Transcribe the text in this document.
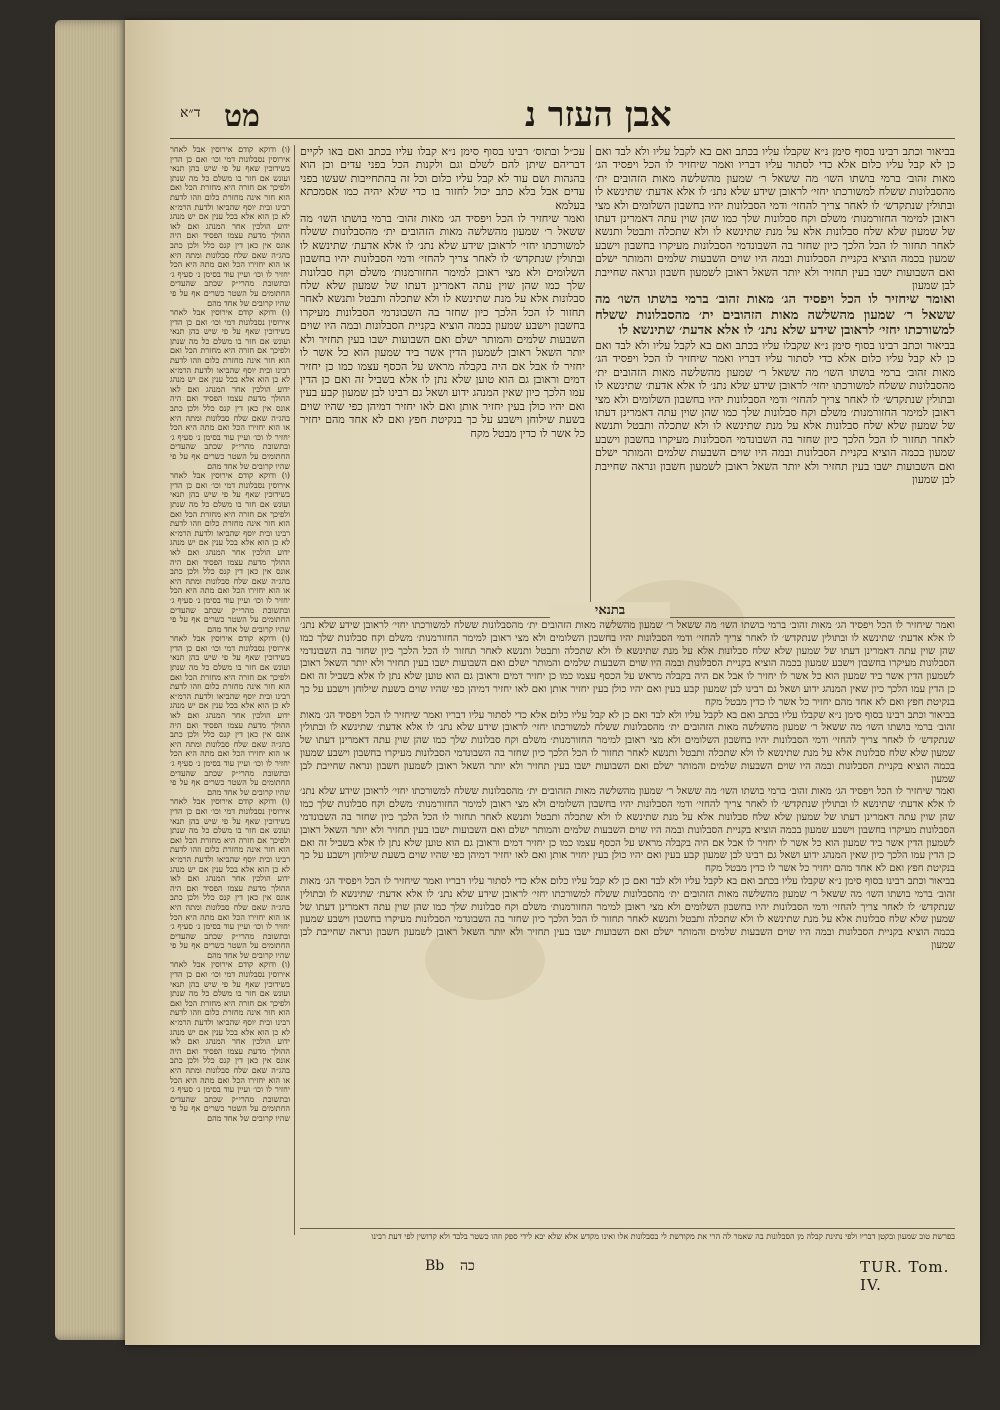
ד״א מט	אבן העזר נ
(ו) ודוקא קודם אירוסין אבל לאחר אירוסין נסבלונות דמי וכו׳ ואם כן הדין בשידוכין שאף על פי שיש בהן תנאי ועונש אם חזר בו משלם כל מה שנתן ולפיכך אם חזרה היא מחזרת הכל ואם הוא חזר אינה מחזרת כלום וזהו לדעת רבינו ובית יוסף שהביאו ולדעת הרמ״א לא כן הוא אלא בכל ענין אם יש מנהג ידוע הולכין אחר המנהג ואם לאו ההולך מדעת עצמו הפסיד ואם היה אונס אין כאן דין קנס כלל ולכן כתב בהג״ה שאם שלח סבלונות ומתה היא או הוא יחזירו הכל ואם מתה היא הכל יחזיר לו וכו׳ ועיין עוד בסימן נ׳ סעיף ג׳ ובתשובת מהרי״ק שכתב שהעדים החתומים על השטר כשרים אף על פי שהיו קרובים של אחד מהם
(ו) ודוקא קודם אירוסין אבל לאחר אירוסין נסבלונות דמי וכו׳ ואם כן הדין בשידוכין שאף על פי שיש בהן תנאי ועונש אם חזר בו משלם כל מה שנתן ולפיכך אם חזרה היא מחזרת הכל ואם הוא חזר אינה מחזרת כלום וזהו לדעת רבינו ובית יוסף שהביאו ולדעת הרמ״א לא כן הוא אלא בכל ענין אם יש מנהג ידוע הולכין אחר המנהג ואם לאו ההולך מדעת עצמו הפסיד ואם היה אונס אין כאן דין קנס כלל ולכן כתב בהג״ה שאם שלח סבלונות ומתה היא או הוא יחזירו הכל ואם מתה היא הכל יחזיר לו וכו׳ ועיין עוד בסימן נ׳ סעיף ג׳ ובתשובת מהרי״ק שכתב שהעדים החתומים על השטר כשרים אף על פי שהיו קרובים של אחד מהם
(ו) ודוקא קודם אירוסין אבל לאחר אירוסין נסבלונות דמי וכו׳ ואם כן הדין בשידוכין שאף על פי שיש בהן תנאי ועונש אם חזר בו משלם כל מה שנתן ולפיכך אם חזרה היא מחזרת הכל ואם הוא חזר אינה מחזרת כלום וזהו לדעת רבינו ובית יוסף שהביאו ולדעת הרמ״א לא כן הוא אלא בכל ענין אם יש מנהג ידוע הולכין אחר המנהג ואם לאו ההולך מדעת עצמו הפסיד ואם היה אונס אין כאן דין קנס כלל ולכן כתב בהג״ה שאם שלח סבלונות ומתה היא או הוא יחזירו הכל ואם מתה היא הכל יחזיר לו וכו׳ ועיין עוד בסימן נ׳ סעיף ג׳ ובתשובת מהרי״ק שכתב שהעדים החתומים על השטר כשרים אף על פי שהיו קרובים של אחד מהם
(ו) ודוקא קודם אירוסין אבל לאחר אירוסין נסבלונות דמי וכו׳ ואם כן הדין בשידוכין שאף על פי שיש בהן תנאי ועונש אם חזר בו משלם כל מה שנתן ולפיכך אם חזרה היא מחזרת הכל ואם הוא חזר אינה מחזרת כלום וזהו לדעת רבינו ובית יוסף שהביאו ולדעת הרמ״א לא כן הוא אלא בכל ענין אם יש מנהג ידוע הולכין אחר המנהג ואם לאו ההולך מדעת עצמו הפסיד ואם היה אונס אין כאן דין קנס כלל ולכן כתב בהג״ה שאם שלח סבלונות ומתה היא או הוא יחזירו הכל ואם מתה היא הכל יחזיר לו וכו׳ ועיין עוד בסימן נ׳ סעיף ג׳ ובתשובת מהרי״ק שכתב שהעדים החתומים על השטר כשרים אף על פי שהיו קרובים של אחד מהם
(ו) ודוקא קודם אירוסין אבל לאחר אירוסין נסבלונות דמי וכו׳ ואם כן הדין בשידוכין שאף על פי שיש בהן תנאי ועונש אם חזר בו משלם כל מה שנתן ולפיכך אם חזרה היא מחזרת הכל ואם הוא חזר אינה מחזרת כלום וזהו לדעת רבינו ובית יוסף שהביאו ולדעת הרמ״א לא כן הוא אלא בכל ענין אם יש מנהג ידוע הולכין אחר המנהג ואם לאו ההולך מדעת עצמו הפסיד ואם היה אונס אין כאן דין קנס כלל ולכן כתב בהג״ה שאם שלח סבלונות ומתה היא או הוא יחזירו הכל ואם מתה היא הכל יחזיר לו וכו׳ ועיין עוד בסימן נ׳ סעיף ג׳ ובתשובת מהרי״ק שכתב שהעדים החתומים על השטר כשרים אף על פי שהיו קרובים של אחד מהם
(ו) ודוקא קודם אירוסין אבל לאחר אירוסין נסבלונות דמי וכו׳ ואם כן הדין בשידוכין שאף על פי שיש בהן תנאי ועונש אם חזר בו משלם כל מה שנתן ולפיכך אם חזרה היא מחזרת הכל ואם הוא חזר אינה מחזרת כלום וזהו לדעת רבינו ובית יוסף שהביאו ולדעת הרמ״א לא כן הוא אלא בכל ענין אם יש מנהג ידוע הולכין אחר המנהג ואם לאו ההולך מדעת עצמו הפסיד ואם היה אונס אין כאן דין קנס כלל ולכן כתב בהג״ה שאם שלח סבלונות ומתה היא או הוא יחזירו הכל ואם מתה היא הכל יחזיר לו וכו׳ ועיין עוד בסימן נ׳ סעיף ג׳ ובתשובת מהרי״ק שכתב שהעדים החתומים על השטר כשרים אף על פי שהיו קרובים של אחד מהם
עכ״ל ובתוס׳ רבינו בסוף סימן נ״א קבלו עליו בכתב ואם באו לקיים דבריהם שיתן להם לשלם וגם ולקנות הכל בפני עדים וכן הוא בהגהות ושם עוד לא קבל עליו כלום וכל זה בהתחייבות שעשו בפני עדים אבל בלא כתב יכול לחזור בו כדי שלא יהיה כמו אסמכתא בעלמא
ואמר שיחזיר לו הכל ויפסיד הג׳ מאות זהוב׳ ברמי בושתו השו׳ מה ששאל ר׳ שמעון מהשלשה מאות הזהובים ית׳ מהסבלונות ששלח למשורכתו יחזי׳ לראובן שידע שלא נתנ׳ לו אלא אדעת׳ שתינשא לו ובתולין שנתקדש׳ לו לאחר צריך להחזי׳ ודמי הסבלונות יהיו בחשבון השלומים ולא מצי ראובן למימר החזורמנות׳ משלם וקח סבלונות שלך כמו שהן שוין עתה דאמרינן דעתו של שמעון שלא שלח סבלונות אלא על מנת שתינשא לו ולא שתכלה ותבטל ותנשא לאחר תחזור לו הכל הלכך כיון שחזר בה השבונדמי הסבלונות מעיקרו בחשבון וישבע שמעון בכמה הוציא בקניית הסבלונות ובמה היו שוים השבעות שלמים והמותר ישלם ואם השבועות ישבו בעין תחזיר ולא יותר השאל ראובן לשמעון הדין אשר ביד שמעון הוא כל אשר לו יחזיר לו אבל אם היה בקבלה מראש על הכסף עצמו כמו כן יחזיר דמים וראובן גם הוא טוען שלא נתן לו אלא בשביל זה ואם כן הדין עמו הלכך כיון שאין המנהג ידוע ושאל גם רבינו לבן שמעון קבע בעין ואם יהיו כולן בעין יחזיר אותן ואם לאו יחזיר דמיהן כפי שהיו שוים בשעת שילוחן וישבע על כך בנקיטת חפץ ואם לא אחד מהם יחזיר כל אשר לו כדין מבטל מקח
בביאור וכתב רבינו בסוף סימן נ״א שקבלו עליו בכתב ואם בא לקבל עליו ולא לבד ואם כן לא קבל עליו כלום אלא כדי לסתור עליו דבריו ואמר שיחזיר לו הכל ויפסיד הג׳ מאות זהוב׳ ברמי בושתו השו׳ מה ששאל ר׳ שמעון מהשלשה מאות הזהובים ית׳ מהסבלונות ששלח למשורכתו יחזי׳ לראובן שידע שלא נתנ׳ לו אלא אדעת׳ שתינשא לו ובתולין שנתקדש׳ לו לאחר צריך להחזי׳ ודמי הסבלונות יהיו בחשבון השלומים ולא מצי ראובן למימר החזורמנות׳ משלם וקח סבלונות שלך כמו שהן שוין עתה דאמרינן דעתו של שמעון שלא שלח סבלונות אלא על מנת שתינשא לו ולא שתכלה ותבטל ותנשא לאחר תחזור לו הכל הלכך כיון שחזר בה השבונדמי הסבלונות מעיקרו בחשבון וישבע שמעון בכמה הוציא בקניית הסבלונות ובמה היו שוים השבעות שלמים והמותר ישלם ואם השבועות ישבו בעין תחזיר ולא יותר השאל ראובן לשמעון חשבון ונראה שחייבת לבן שמעון
ואומר שיחזיר לו הכל ויפסיד הג׳ מאות זהוב׳ ברמי בושתו השו׳ מה ששאל ר׳ שמעון מהשלשה מאות הזהובים ית׳ מהסבלונות ששלח למשורכתו יחזי׳ לראובן שידע שלא נתנ׳ לו אלא אדעת׳ שתינשא לו
בביאור וכתב רבינו בסוף סימן נ״א שקבלו עליו בכתב ואם בא לקבל עליו ולא לבד ואם כן לא קבל עליו כלום אלא כדי לסתור עליו דבריו ואמר שיחזיר לו הכל ויפסיד הג׳ מאות זהוב׳ ברמי בושתו השו׳ מה ששאל ר׳ שמעון מהשלשה מאות הזהובים ית׳ מהסבלונות ששלח למשורכתו יחזי׳ לראובן שידע שלא נתנ׳ לו אלא אדעת׳ שתינשא לו ובתולין שנתקדש׳ לו לאחר צריך להחזי׳ ודמי הסבלונות יהיו בחשבון השלומים ולא מצי ראובן למימר החזורמנות׳ משלם וקח סבלונות שלך כמו שהן שוין עתה דאמרינן דעתו של שמעון שלא שלח סבלונות אלא על מנת שתינשא לו ולא שתכלה ותבטל ותנשא לאחר תחזור לו הכל הלכך כיון שחזר בה השבונדמי הסבלונות מעיקרו בחשבון וישבע שמעון בכמה הוציא בקניית הסבלונות ובמה היו שוים השבעות שלמים והמותר ישלם ואם השבועות ישבו בעין תחזיר ולא יותר השאל ראובן לשמעון חשבון ונראה שחייבת לבן שמעון
בתנאי
ואמר שיחזיר לו הכל ויפסיד הג׳ מאות זהוב׳ ברמי בושתו השו׳ מה ששאל ר׳ שמעון מהשלשה מאות הזהובים ית׳ מהסבלונות ששלח למשורכתו יחזי׳ לראובן שידע שלא נתנ׳ לו אלא אדעת׳ שתינשא לו ובתולין שנתקדש׳ לו לאחר צריך להחזי׳ ודמי הסבלונות יהיו בחשבון השלומים ולא מצי ראובן למימר החזורמנות׳ משלם וקח סבלונות שלך כמו שהן שוין עתה דאמרינן דעתו של שמעון שלא שלח סבלונות אלא על מנת שתינשא לו ולא שתכלה ותבטל ותנשא לאחר תחזור לו הכל הלכך כיון שחזר בה השבונדמי הסבלונות מעיקרו בחשבון וישבע שמעון בכמה הוציא בקניית הסבלונות ובמה היו שוים השבעות שלמים והמותר ישלם ואם השבועות ישבו בעין תחזיר ולא יותר השאל ראובן לשמעון הדין אשר ביד שמעון הוא כל אשר לו יחזיר לו אבל אם היה בקבלה מראש על הכסף עצמו כמו כן יחזיר דמים וראובן גם הוא טוען שלא נתן לו אלא בשביל זה ואם כן הדין עמו הלכך כיון שאין המנהג ידוע ושאל גם רבינו לבן שמעון קבע בעין ואם יהיו כולן בעין יחזיר אותן ואם לאו יחזיר דמיהן כפי שהיו שוים בשעת שילוחן וישבע על כך בנקיטת חפץ ואם לא אחד מהם יחזיר כל אשר לו כדין מבטל מקח
בביאור וכתב רבינו בסוף סימן נ״א שקבלו עליו בכתב ואם בא לקבל עליו ולא לבד ואם כן לא קבל עליו כלום אלא כדי לסתור עליו דבריו ואמר שיחזיר לו הכל ויפסיד הג׳ מאות זהוב׳ ברמי בושתו השו׳ מה ששאל ר׳ שמעון מהשלשה מאות הזהובים ית׳ מהסבלונות ששלח למשורכתו יחזי׳ לראובן שידע שלא נתנ׳ לו אלא אדעת׳ שתינשא לו ובתולין שנתקדש׳ לו לאחר צריך להחזי׳ ודמי הסבלונות יהיו בחשבון השלומים ולא מצי ראובן למימר החזורמנות׳ משלם וקח סבלונות שלך כמו שהן שוין עתה דאמרינן דעתו של שמעון שלא שלח סבלונות אלא על מנת שתינשא לו ולא שתכלה ותבטל ותנשא לאחר תחזור לו הכל הלכך כיון שחזר בה השבונדמי הסבלונות מעיקרו בחשבון וישבע שמעון בכמה הוציא בקניית הסבלונות ובמה היו שוים השבעות שלמים והמותר ישלם ואם השבועות ישבו בעין תחזיר ולא יותר השאל ראובן לשמעון חשבון ונראה שחייבת לבן שמעון
ואמר שיחזיר לו הכל ויפסיד הג׳ מאות זהוב׳ ברמי בושתו השו׳ מה ששאל ר׳ שמעון מהשלשה מאות הזהובים ית׳ מהסבלונות ששלח למשורכתו יחזי׳ לראובן שידע שלא נתנ׳ לו אלא אדעת׳ שתינשא לו ובתולין שנתקדש׳ לו לאחר צריך להחזי׳ ודמי הסבלונות יהיו בחשבון השלומים ולא מצי ראובן למימר החזורמנות׳ משלם וקח סבלונות שלך כמו שהן שוין עתה דאמרינן דעתו של שמעון שלא שלח סבלונות אלא על מנת שתינשא לו ולא שתכלה ותבטל ותנשא לאחר תחזור לו הכל הלכך כיון שחזר בה השבונדמי הסבלונות מעיקרו בחשבון וישבע שמעון בכמה הוציא בקניית הסבלונות ובמה היו שוים השבעות שלמים והמותר ישלם ואם השבועות ישבו בעין תחזיר ולא יותר השאל ראובן לשמעון הדין אשר ביד שמעון הוא כל אשר לו יחזיר לו אבל אם היה בקבלה מראש על הכסף עצמו כמו כן יחזיר דמים וראובן גם הוא טוען שלא נתן לו אלא בשביל זה ואם כן הדין עמו הלכך כיון שאין המנהג ידוע ושאל גם רבינו לבן שמעון קבע בעין ואם יהיו כולן בעין יחזיר אותן ואם לאו יחזיר דמיהן כפי שהיו שוים בשעת שילוחן וישבע על כך בנקיטת חפץ ואם לא אחד מהם יחזיר כל אשר לו כדין מבטל מקח
בביאור וכתב רבינו בסוף סימן נ״א שקבלו עליו בכתב ואם בא לקבל עליו ולא לבד ואם כן לא קבל עליו כלום אלא כדי לסתור עליו דבריו ואמר שיחזיר לו הכל ויפסיד הג׳ מאות זהוב׳ ברמי בושתו השו׳ מה ששאל ר׳ שמעון מהשלשה מאות הזהובים ית׳ מהסבלונות ששלח למשורכתו יחזי׳ לראובן שידע שלא נתנ׳ לו אלא אדעת׳ שתינשא לו ובתולין שנתקדש׳ לו לאחר צריך להחזי׳ ודמי הסבלונות יהיו בחשבון השלומים ולא מצי ראובן למימר החזורמנות׳ משלם וקח סבלונות שלך כמו שהן שוין עתה דאמרינן דעתו של שמעון שלא שלח סבלונות אלא על מנת שתינשא לו ולא שתכלה ותבטל ותנשא לאחר תחזור לו הכל הלכך כיון שחזר בה השבונדמי הסבלונות מעיקרו בחשבון וישבע שמעון בכמה הוציא בקניית הסבלונות ובמה היו שוים השבעות שלמים והמותר ישלם ואם השבועות ישבו בעין תחזיר ולא יותר השאל ראובן לשמעון חשבון ונראה שחייבת לבן שמעון
בפרשת טוב שמעון ובקטן דבריו ולפי נתינת קבלה מן הסבלונות בה שאמר לה הרי את מקודשת לי בסבלונות אלו ואינו מקדש אלא שלא יבא לידי ספק וזהו כשטר בלבד ולא קדושין לפי דעת רבינו
Bb כה	TUR. Tom. IV.
